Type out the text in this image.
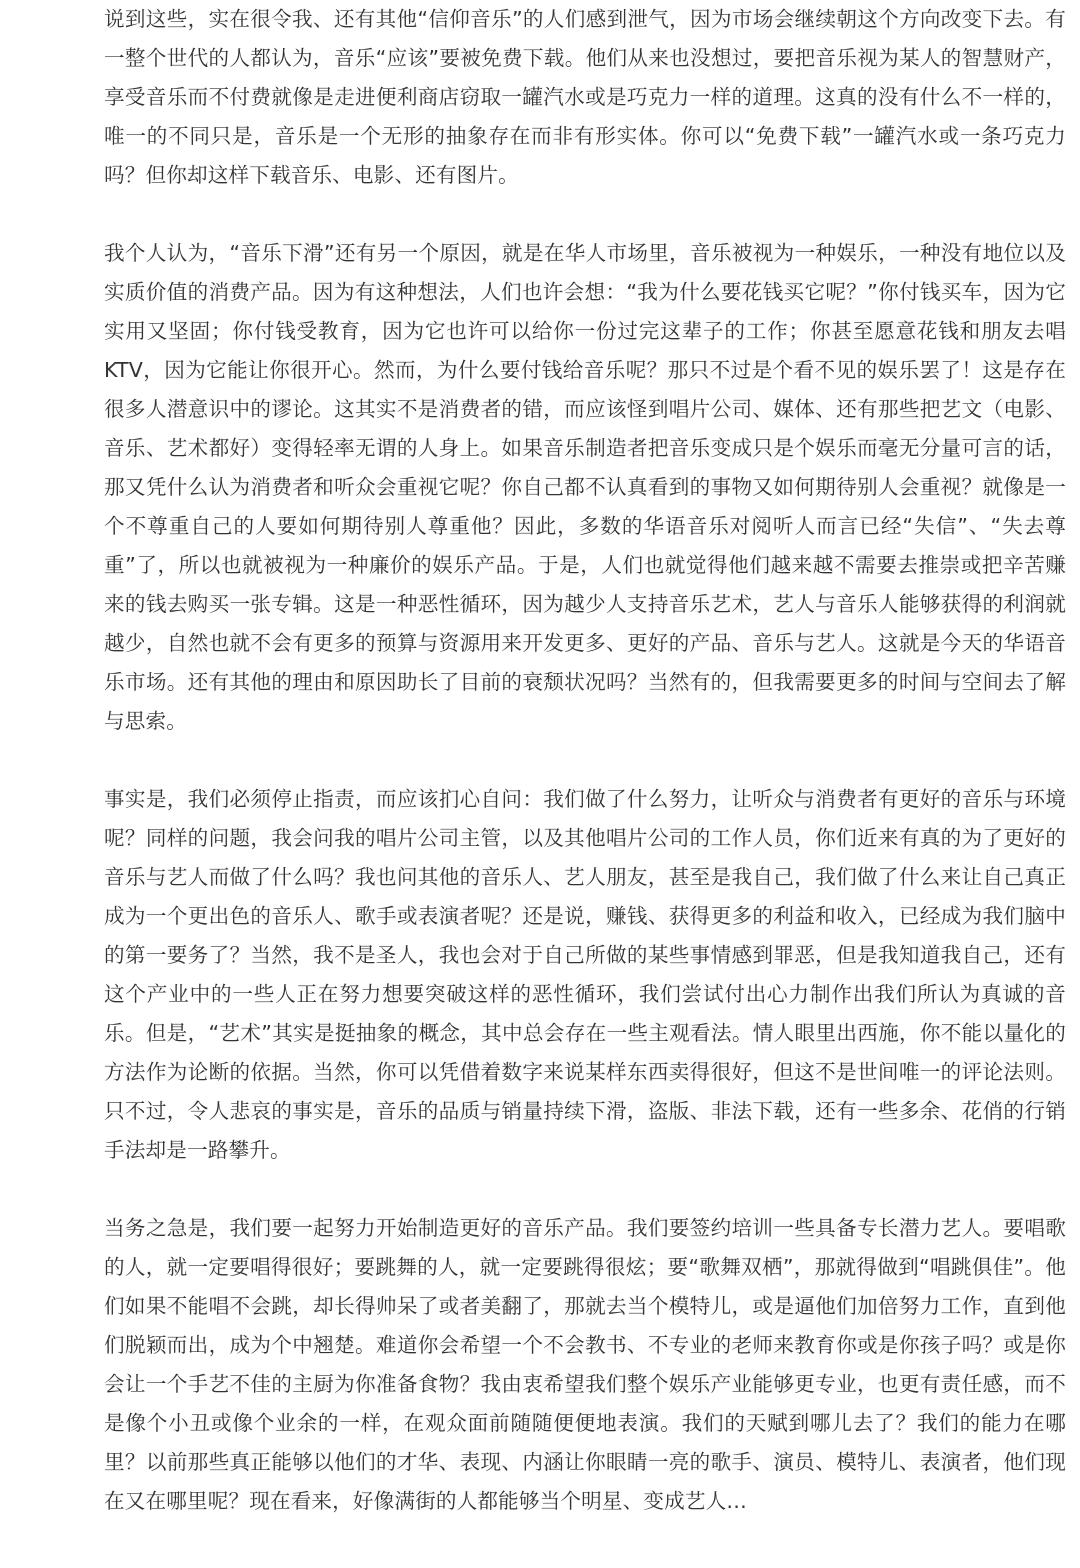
说到这些，实在很令我、还有其他“信仰音乐”的人们感到泄气，因为市场会继续朝这个方向改变下去。有一整个世代的人都认为，音乐“应该”要被免费下载。他们从来也没想过，要把音乐视为某人的智慧财产，享受音乐而不付费就像是走进便利商店窃取一罐汽水或是巧克力一样的道理。这真的没有什么不一样的，唯一的不同只是，音乐是一个无形的抽象存在而非有形实体。你可以“免费下载”一罐汽水或一条巧克力吗？但你却这样下载音乐、电影、还有图片。

我个人认为，“音乐下滑”还有另一个原因，就是在华人市场里，音乐被视为一种娱乐，一种没有地位以及实质价值的消费产品。因为有这种想法，人们也许会想：“我为什么要花钱买它呢？”你付钱买车，因为它实用又坚固；你付钱受教育，因为它也许可以给你一份过完这辈子的工作；你甚至愿意花钱和朋友去唱KTV，因为它能让你很开心。然而，为什么要付钱给音乐呢？那只不过是个看不见的娱乐罢了！这是存在很多人潜意识中的谬论。这其实不是消费者的错，而应该怪到唱片公司、媒体、还有那些把艺文（电影、音乐、艺术都好）变得轻率无谓的人身上。如果音乐制造者把音乐变成只是个娱乐而毫无分量可言的话，那又凭什么认为消费者和听众会重视它呢？你自己都不认真看到的事物又如何期待别人会重视？就像是一个不尊重自己的人要如何期待别人尊重他？因此，多数的华语音乐对阅听人而言已经“失信”、“失去尊重”了，所以也就被视为一种廉价的娱乐产品。于是，人们也就觉得他们越来越不需要去推崇或把辛苦赚来的钱去购买一张专辑。这是一种恶性循环，因为越少人支持音乐艺术，艺人与音乐人能够获得的利润就越少，自然也就不会有更多的预算与资源用来开发更多、更好的产品、音乐与艺人。这就是今天的华语音乐市场。还有其他的理由和原因助长了目前的衰颓状况吗？当然有的，但我需要更多的时间与空间去了解与思索。

事实是，我们必须停止指责，而应该扪心自问：我们做了什么努力，让听众与消费者有更好的音乐与环境呢？同样的问题，我会问我的唱片公司主管，以及其他唱片公司的工作人员，你们近来有真的为了更好的音乐与艺人而做了什么吗？我也问其他的音乐人、艺人朋友，甚至是我自己，我们做了什么来让自己真正成为一个更出色的音乐人、歌手或表演者呢？还是说，赚钱、获得更多的利益和收入，已经成为我们脑中的第一要务了？当然，我不是圣人，我也会对于自己所做的某些事情感到罪恶，但是我知道我自己，还有这个产业中的一些人正在努力想要突破这样的恶性循环，我们尝试付出心力制作出我们所认为真诚的音乐。但是，“艺术”其实是挺抽象的概念，其中总会存在一些主观看法。情人眼里出西施，你不能以量化的方法作为论断的依据。当然，你可以凭借着数字来说某样东西卖得很好，但这不是世间唯一的评论法则。只不过，令人悲哀的事实是，音乐的品质与销量持续下滑，盗版、非法下载，还有一些多余、花俏的行销手法却是一路攀升。

当务之急是，我们要一起努力开始制造更好的音乐产品。我们要签约培训一些具备专长潜力艺人。要唱歌的人，就一定要唱得很好；要跳舞的人，就一定要跳得很炫；要“歌舞双栖”，那就得做到“唱跳俱佳”。他们如果不能唱不会跳，却长得帅呆了或者美翻了，那就去当个模特儿，或是逼他们加倍努力工作，直到他们脱颖而出，成为个中翘楚。难道你会希望一个不会教书、不专业的老师来教育你或是你孩子吗？或是你会让一个手艺不佳的主厨为你准备食物？我由衷希望我们整个娱乐产业能够更专业，也更有责任感，而不是像个小丑或像个业余的一样，在观众面前随随便便地表演。我们的天赋到哪儿去了？我们的能力在哪里？以前那些真正能够以他们的才华、表现、内涵让你眼睛一亮的歌手、演员、模特儿、表演者，他们现在又在哪里呢？现在看来，好像满街的人都能够当个明星、变成艺人…
